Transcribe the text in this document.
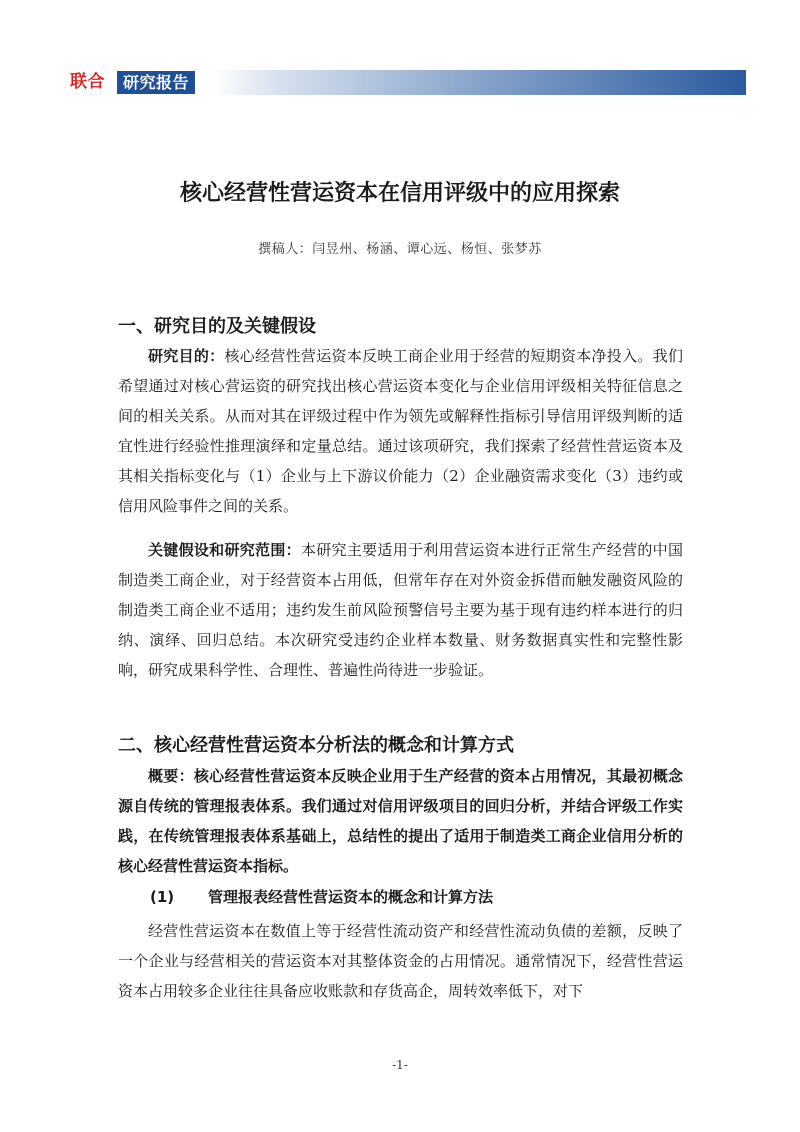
联合	研究报告
核心经营性营运资本在信用评级中的应用探索
撰稿人：闫昱州、杨涵、谭心远、杨恒、张梦苏
一、研究目的及关键假设

研究目的：核心经营性营运资本反映工商企业用于经营的短期资本净投入。我们希望通过对核心营运资的研究找出核心营运资本变化与企业信用评级相关特征信息之间的相关关系。从而对其在评级过程中作为领先或解释性指标引导信用评级判断的适宜性进行经验性推理演绎和定量总结。通过该项研究，我们探索了经营性营运资本及其相关指标变化与（1）企业与上下游议价能力（2）企业融资需求变化（3）违约或信用风险事件之间的关系。

关键假设和研究范围：本研究主要适用于利用营运资本进行正常生产经营的中国制造类工商企业，对于经营资本占用低，但常年存在对外资金拆借而触发融资风险的制造类工商企业不适用；违约发生前风险预警信号主要为基于现有违约样本进行的归纳、演绎、回归总结。本次研究受违约企业样本数量、财务数据真实性和完整性影响，研究成果科学性、合理性、普遍性尚待进一步验证。

二、核心经营性营运资本分析法的概念和计算方式

概要：核心经营性营运资本反映企业用于生产经营的资本占用情况，其最初概念源自传统的管理报表体系。我们通过对信用评级项目的回归分析，并结合评级工作实践，在传统管理报表体系基础上，总结性的提出了适用于制造类工商企业信用分析的核心经营性营运资本指标。

(1) 管理报表经营性营运资本的概念和计算方法

经营性营运资本在数值上等于经营性流动资产和经营性流动负债的差额，反映了一个企业与经营相关的营运资本对其整体资金的占用情况。通常情况下，经营性营运资本占用较多企业往往具备应收账款和存货高企，周转效率低下，对下

-1-
